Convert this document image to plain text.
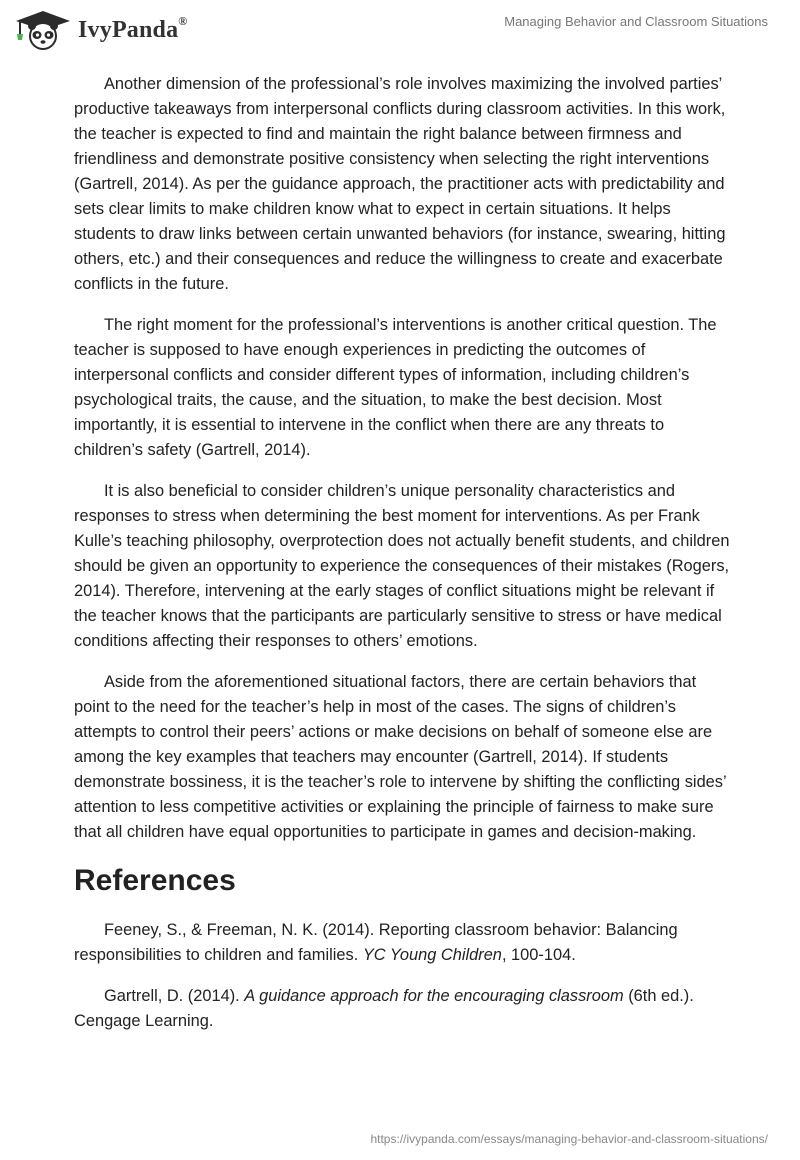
IvyPanda®	Managing Behavior and Classroom Situations

Another dimension of the professional’s role involves maximizing the involved parties’ productive takeaways from interpersonal conflicts during classroom activities. In this work, the teacher is expected to find and maintain the right balance between firmness and friendliness and demonstrate positive consistency when selecting the right interventions (Gartrell, 2014). As per the guidance approach, the practitioner acts with predictability and sets clear limits to make children know what to expect in certain situations. It helps students to draw links between certain unwanted behaviors (for instance, swearing, hitting others, etc.) and their consequences and reduce the willingness to create and exacerbate conflicts in the future.

The right moment for the professional’s interventions is another critical question. The teacher is supposed to have enough experiences in predicting the outcomes of interpersonal conflicts and consider different types of information, including children’s psychological traits, the cause, and the situation, to make the best decision. Most importantly, it is essential to intervene in the conflict when there are any threats to children’s safety (Gartrell, 2014).

It is also beneficial to consider children’s unique personality characteristics and responses to stress when determining the best moment for interventions. As per Frank Kulle’s teaching philosophy, overprotection does not actually benefit students, and children should be given an opportunity to experience the consequences of their mistakes (Rogers, 2014). Therefore, intervening at the early stages of conflict situations might be relevant if the teacher knows that the participants are particularly sensitive to stress or have medical conditions affecting their responses to others’ emotions.

Aside from the aforementioned situational factors, there are certain behaviors that point to the need for the teacher’s help in most of the cases. The signs of children’s attempts to control their peers’ actions or make decisions on behalf of someone else are among the key examples that teachers may encounter (Gartrell, 2014). If students demonstrate bossiness, it is the teacher’s role to intervene by shifting the conflicting sides’ attention to less competitive activities or explaining the principle of fairness to make sure that all children have equal opportunities to participate in games and decision-making.

References

Feeney, S., & Freeman, N. K. (2014). Reporting classroom behavior: Balancing responsibilities to children and families. YC Young Children, 100-104.

Gartrell, D. (2014). A guidance approach for the encouraging classroom (6th ed.). Cengage Learning.

https://ivypanda.com/essays/managing-behavior-and-classroom-situations/
